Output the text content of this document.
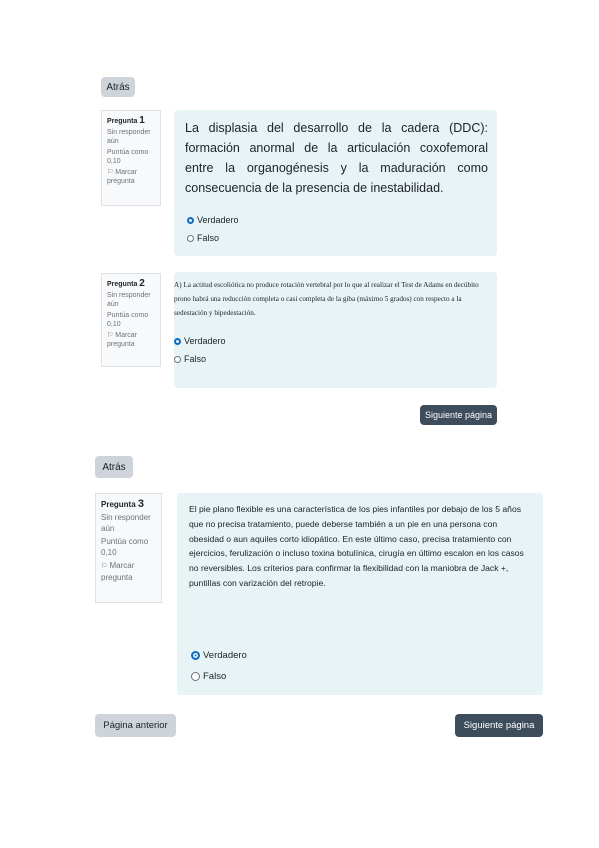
Atrás
Pregunta 1
Sin responder aún
Puntúa como 0,10
⚐ Marcar pregunta
La displasia del desarrollo de la cadera (DDC): formación anormal de la articulación coxofemoral entre la organogénesis y la maduración como consecuencia de la presencia de inestabilidad.
Verdadero
Falso
Pregunta 2
Sin responder aún
Puntúa como 0,10
⚐ Marcar pregunta
A) La actitud escoliótica no produce rotación vertebral por lo que al realizar el Test de Adams en decúbito prono habrá una reducción completa o casi completa de la giba (máximo 5 grados) con respecto a la sedestación y bipedestación.
Verdadero
Falso
Siguiente página
Atrás
Pregunta 3
Sin responder aún
Puntúa como 0,10
⚐ Marcar pregunta
El pie plano flexible es una característica de los pies infantiles por debajo de los 5 años que no precisa tratamiento, puede deberse también a un pie en una persona con obesidad o aun aquiles corto idiopático. En este último caso, precisa tratamiento con ejercicios, ferulización o incluso toxina botulínica, cirugía en último escalon en los casos no reversibles. Los criterios para confirmar la flexibilidad con la maniobra de Jack +, puntillas con varización del retropie.
Verdadero
Falso
Página anterior	Siguiente página
